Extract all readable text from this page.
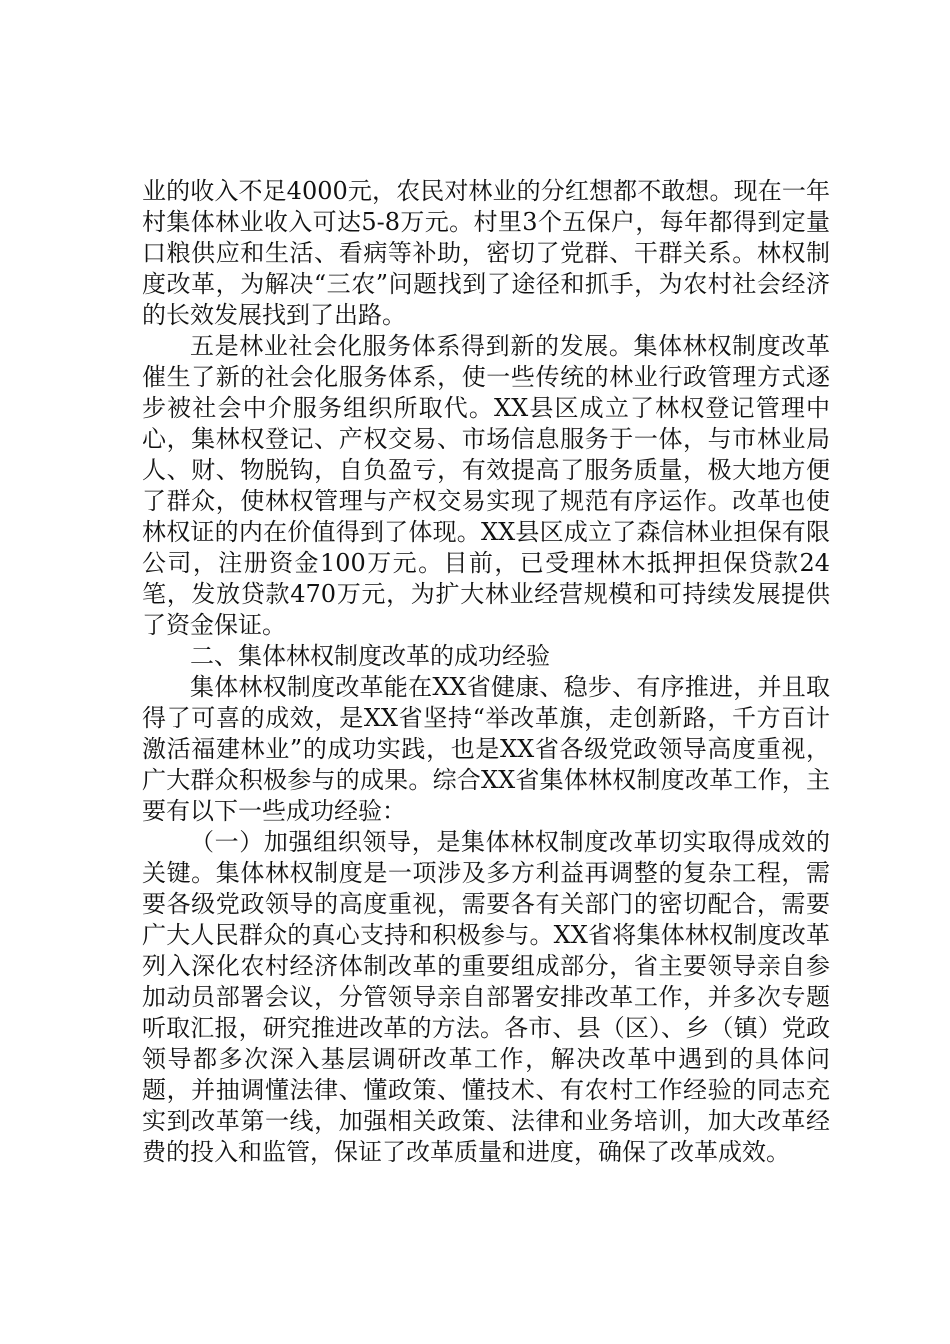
业的收入不足4000元，农民对林业的分红想都不敢想。现在一年村集体林业收入可达5-8万元。村里3个五保户，每年都得到定量口粮供应和生活、看病等补助，密切了党群、干群关系。林权制度改革，为解决“三农”问题找到了途径和抓手，为农村社会经济的长效发展找到了出路。

五是林业社会化服务体系得到新的发展。集体林权制度改革催生了新的社会化服务体系，使一些传统的林业行政管理方式逐步被社会中介服务组织所取代。XX县区成立了林权登记管理中心，集林权登记、产权交易、市场信息服务于一体，与市林业局人、财、物脱钩，自负盈亏，有效提高了服务质量，极大地方便了群众，使林权管理与产权交易实现了规范有序运作。改革也使林权证的内在价值得到了体现。XX县区成立了森信林业担保有限公司，注册资金100万元。目前，已受理林木抵押担保贷款24笔，发放贷款470万元，为扩大林业经营规模和可持续发展提供了资金保证。

二、集体林权制度改革的成功经验

集体林权制度改革能在XX省健康、稳步、有序推进，并且取得了可喜的成效，是XX省坚持“举改革旗，走创新路，千方百计激活福建林业”的成功实践，也是XX省各级党政领导高度重视，广大群众积极参与的成果。综合XX省集体林权制度改革工作，主要有以下一些成功经验：

（一）加强组织领导，是集体林权制度改革切实取得成效的关键。集体林权制度是一项涉及多方利益再调整的复杂工程，需要各级党政领导的高度重视，需要各有关部门的密切配合，需要广大人民群众的真心支持和积极参与。XX省将集体林权制度改革列入深化农村经济体制改革的重要组成部分，省主要领导亲自参加动员部署会议，分管领导亲自部署安排改革工作，并多次专题听取汇报，研究推进改革的方法。各市、县（区）、乡（镇）党政领导都多次深入基层调研改革工作，解决改革中遇到的具体问题，并抽调懂法律、懂政策、懂技术、有农村工作经验的同志充实到改革第一线，加强相关政策、法律和业务培训，加大改革经费的投入和监管，保证了改革质量和进度，确保了改革成效。
